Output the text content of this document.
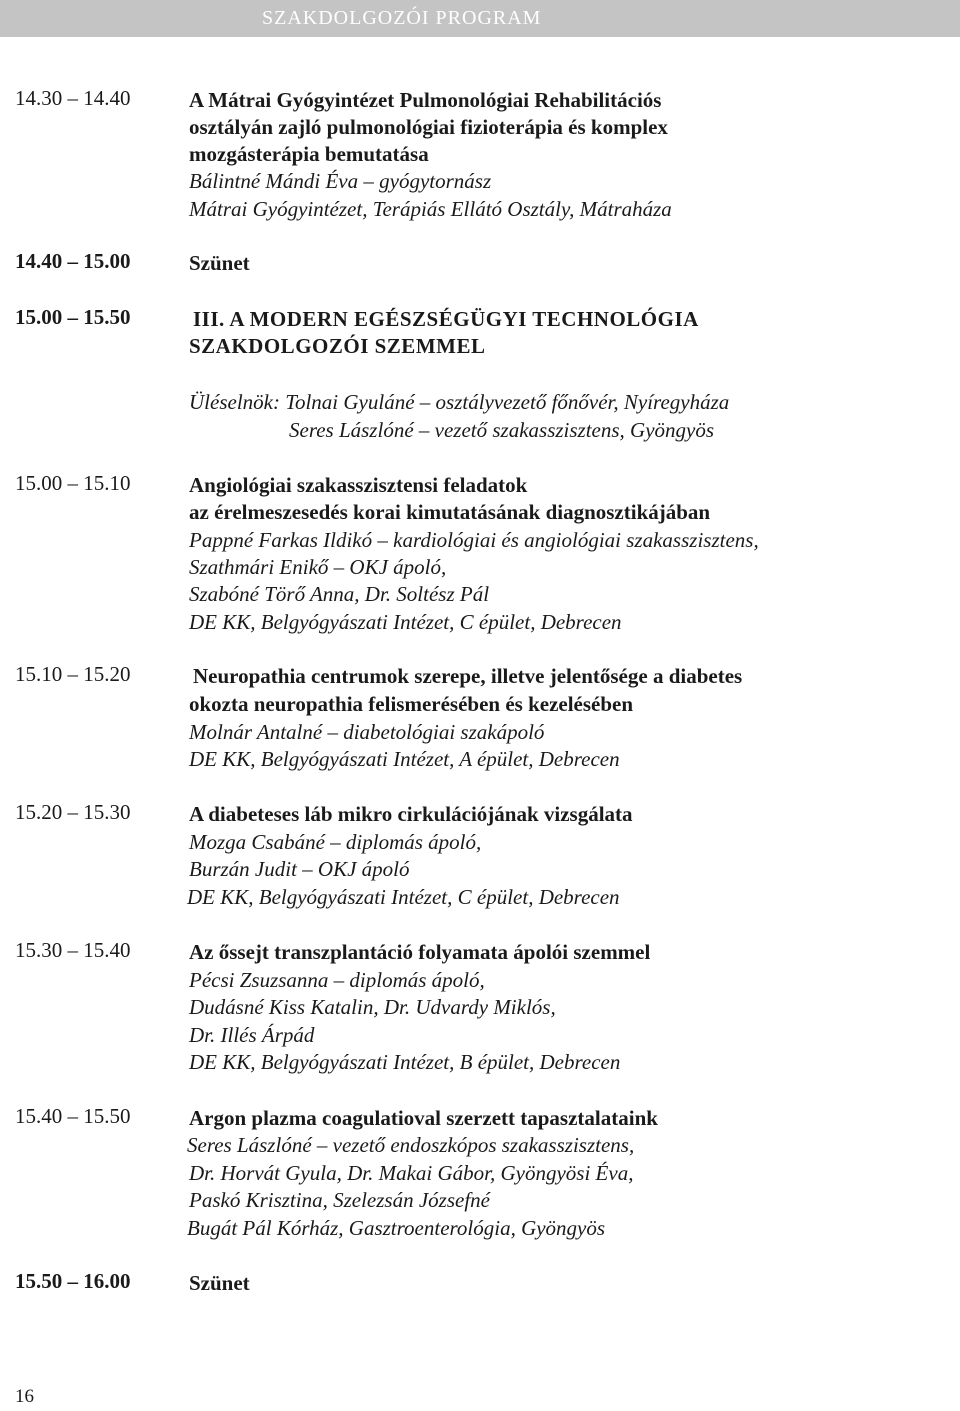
SZAKDOLGOZÓI PROGRAM
14.30 – 14.40	A Mátrai Gyógyintézet Pulmonológiai Rehabilitációs
osztályán zajló pulmonológiai fizioterápia és komplex
mozgásterápia bemutatása
Bálintné Mándi Éva – gyógytornász
Mátrai Gyógyintézet, Terápiás Ellátó Osztály, Mátraháza
14.40 – 15.00	Szünet
15.00 – 15.50	III. A MODERN EGÉSZSÉGÜGYI TECHNOLÓGIA
SZAKDOLGOZÓI SZEMMEL
Üléselnök: Tolnai Gyuláné – osztályvezető főnővér, Nyíregyháza
Seres Lászlóné – vezető szakasszisztens, Gyöngyös
15.00 – 15.10	Angiológiai szakasszisztensi feladatok
az érelmeszesedés korai kimutatásának diagnosztikájában
Pappné Farkas Ildikó – kardiológiai és angiológiai szakasszisztens,
Szathmári Enikő – OKJ ápoló,
Szabóné Törő Anna, Dr. Soltész Pál
DE KK, Belgyógyászati Intézet, C épület, Debrecen
15.10 – 15.20	Neuropathia centrumok szerepe, illetve jelentősége a diabetes
okozta neuropathia felismerésében és kezelésében
Molnár Antalné – diabetológiai szakápoló
DE KK, Belgyógyászati Intézet, A épület, Debrecen
15.20 – 15.30	A diabeteses láb mikro cirkulációjának vizsgálata
Mozga Csabáné – diplomás ápoló,
Burzán Judit – OKJ ápoló
DE KK, Belgyógyászati Intézet, C épület, Debrecen
15.30 – 15.40	Az őssejt transzplantáció folyamata ápolói szemmel
Pécsi Zsuzsanna – diplomás ápoló,
Dudásné Kiss Katalin, Dr. Udvardy Miklós,
Dr. Illés Árpád
DE KK, Belgyógyászati Intézet, B épület, Debrecen
15.40 – 15.50	Argon plazma coagulatioval szerzett tapasztalataink
Seres Lászlóné – vezető endoszkópos szakasszisztens,
Dr. Horvát Gyula, Dr. Makai Gábor, Gyöngyösi Éva,
Paskó Krisztina, Szelezsán Józsefné
Bugát Pál Kórház, Gasztroenterológia, Gyöngyös
15.50 – 16.00	Szünet
16
